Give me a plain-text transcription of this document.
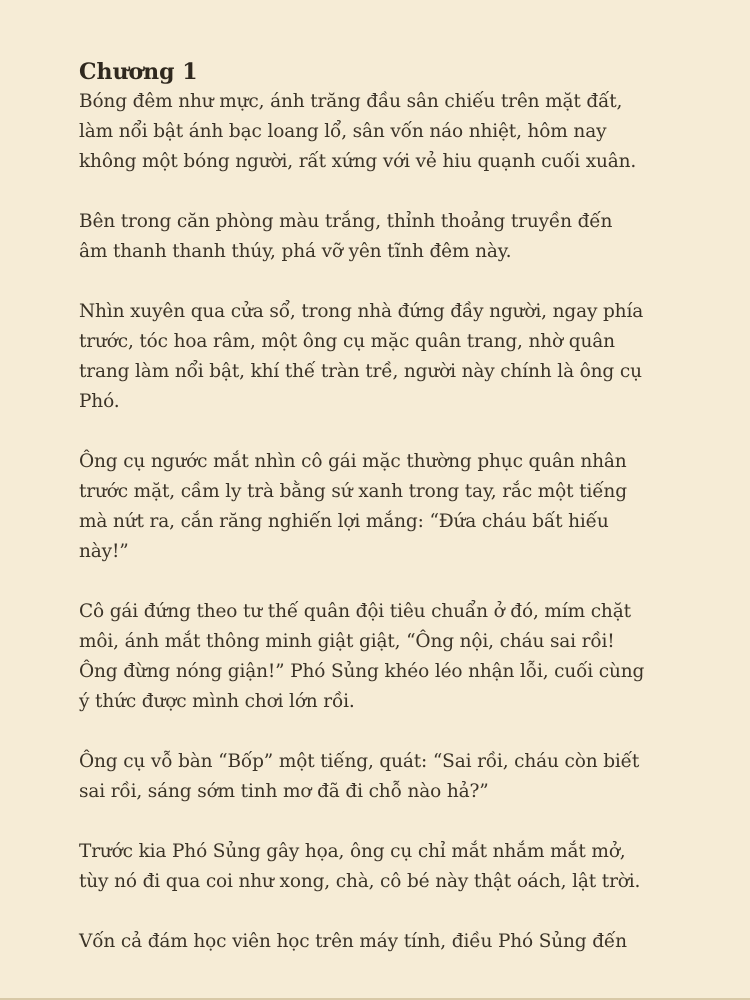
Chương 1

Bóng đêm như mực, ánh trăng đầu sân chiếu trên mặt đất,
làm nổi bật ánh bạc loang lổ, sân vốn náo nhiệt, hôm nay
không một bóng người, rất xứng với vẻ hiu quạnh cuối xuân.

Bên trong căn phòng màu trắng, thỉnh thoảng truyền đến
âm thanh thanh thúy, phá vỡ yên tĩnh đêm này.

Nhìn xuyên qua cửa sổ, trong nhà đứng đầy người, ngay phía
trước, tóc hoa râm, một ông cụ mặc quân trang, nhờ quân
trang làm nổi bật, khí thế tràn trề, người này chính là ông cụ
Phó.

Ông cụ ngước mắt nhìn cô gái mặc thường phục quân nhân
trước mặt, cầm ly trà bằng sứ xanh trong tay, rắc một tiếng
mà nứt ra, cắn răng nghiến lợi mắng: “Đứa cháu bất hiếu
này!”

Cô gái đứng theo tư thế quân đội tiêu chuẩn ở đó, mím chặt
môi, ánh mắt thông minh giật giật, “Ông nội, cháu sai rồi!
Ông đừng nóng giận!” Phó Sủng khéo léo nhận lỗi, cuối cùng
ý thức được mình chơi lớn rồi.

Ông cụ vỗ bàn “Bốp” một tiếng, quát: “Sai rồi, cháu còn biết
sai rồi, sáng sớm tinh mơ đã đi chỗ nào hả?”

Trước kia Phó Sủng gây họa, ông cụ chỉ mắt nhắm mắt mở,
tùy nó đi qua coi như xong, chà, cô bé này thật oách, lật trời.

Vốn cả đám học viên học trên máy tính, điều Phó Sủng đến
